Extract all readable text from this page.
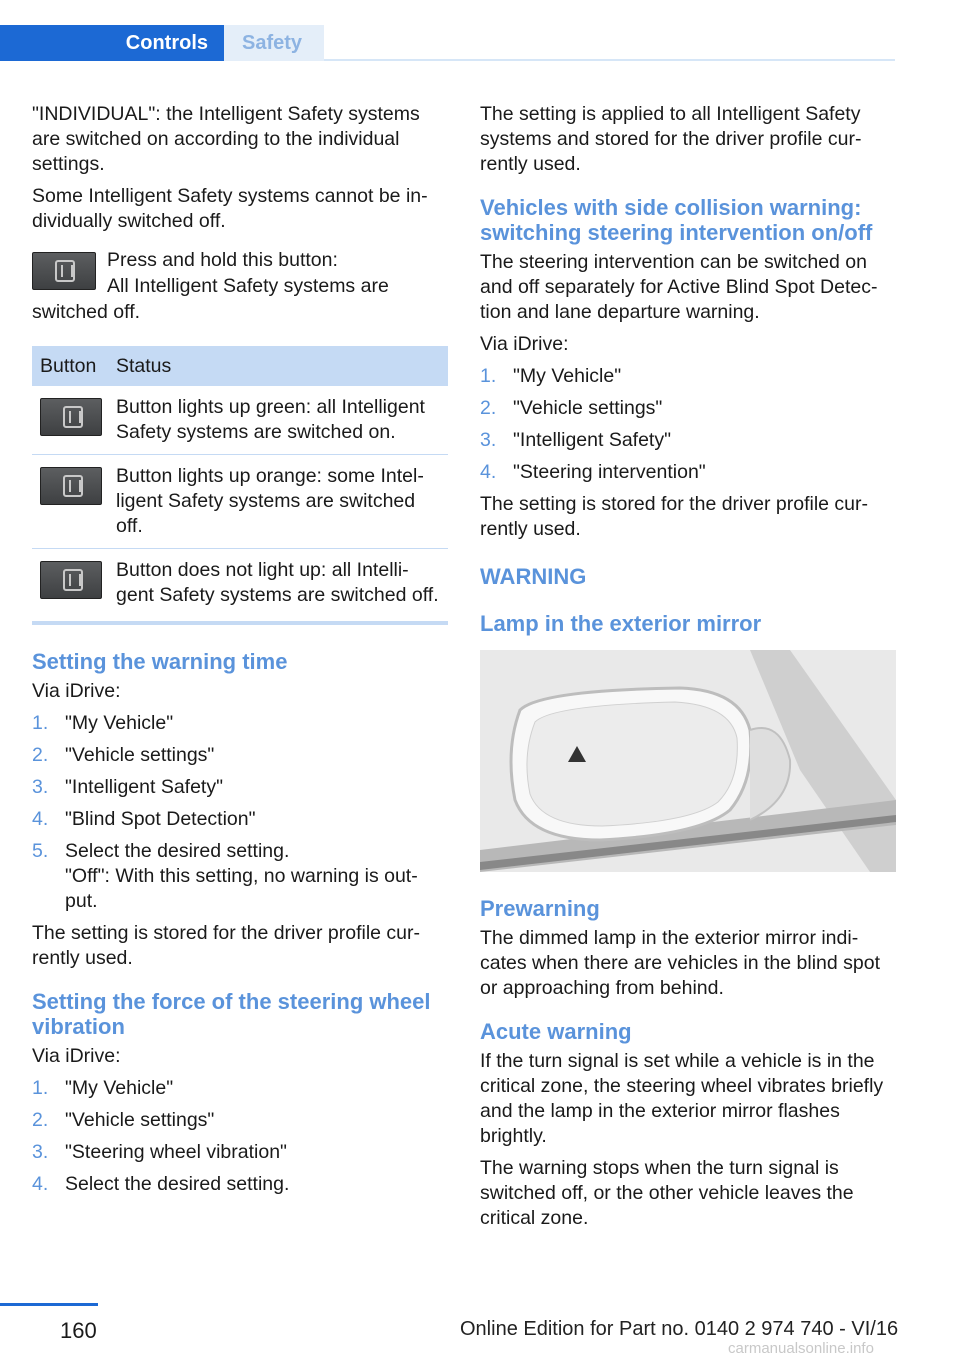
Controls	Safety

"INDIVIDUAL": the Intelligent Safety systems are switched on according to the individual settings.

Some Intelligent Safety systems cannot be in-dividually switched off.

Press and hold this button:
All Intelligent Safety systems are
switched off.
Button	Status

	Button lights up green: all Intelligent Safety systems are switched on.

	Button lights up orange: some Intel-ligent Safety systems are switched off.

	Button does not light up: all Intelli-gent Safety systems are switched off.
Setting the warning time

Via iDrive:

1. "My Vehicle"
2. "Vehicle settings"
3. "Intelligent Safety"
4. "Blind Spot Detection"
5. Select the desired setting.
"Off": With this setting, no warning is out-put.

The setting is stored for the driver profile cur-rently used.

Setting the force of the steering wheel vibration

Via iDrive:

1. "My Vehicle"
2. "Vehicle settings"
3. "Steering wheel vibration"
4. Select the desired setting.

The setting is applied to all Intelligent Safety systems and stored for the driver profile cur-rently used.

Vehicles with side collision warning: switching steering intervention on/off

The steering intervention can be switched on and off separately for Active Blind Spot Detec-tion and lane departure warning.

Via iDrive:

1. "My Vehicle"
2. "Vehicle settings"
3. "Intelligent Safety"
4. "Steering intervention"

The setting is stored for the driver profile cur-rently used.

WARNING
Lamp in the exterior mirror
Prewarning

The dimmed lamp in the exterior mirror indi-cates when there are vehicles in the blind spot or approaching from behind.

Acute warning

If the turn signal is set while a vehicle is in the critical zone, the steering wheel vibrates briefly and the lamp in the exterior mirror flashes brightly.

The warning stops when the turn signal is switched off, or the other vehicle leaves the critical zone.

160	Online Edition for Part no. 0140 2 974 740 - VI/16
carmanualsonline.info
